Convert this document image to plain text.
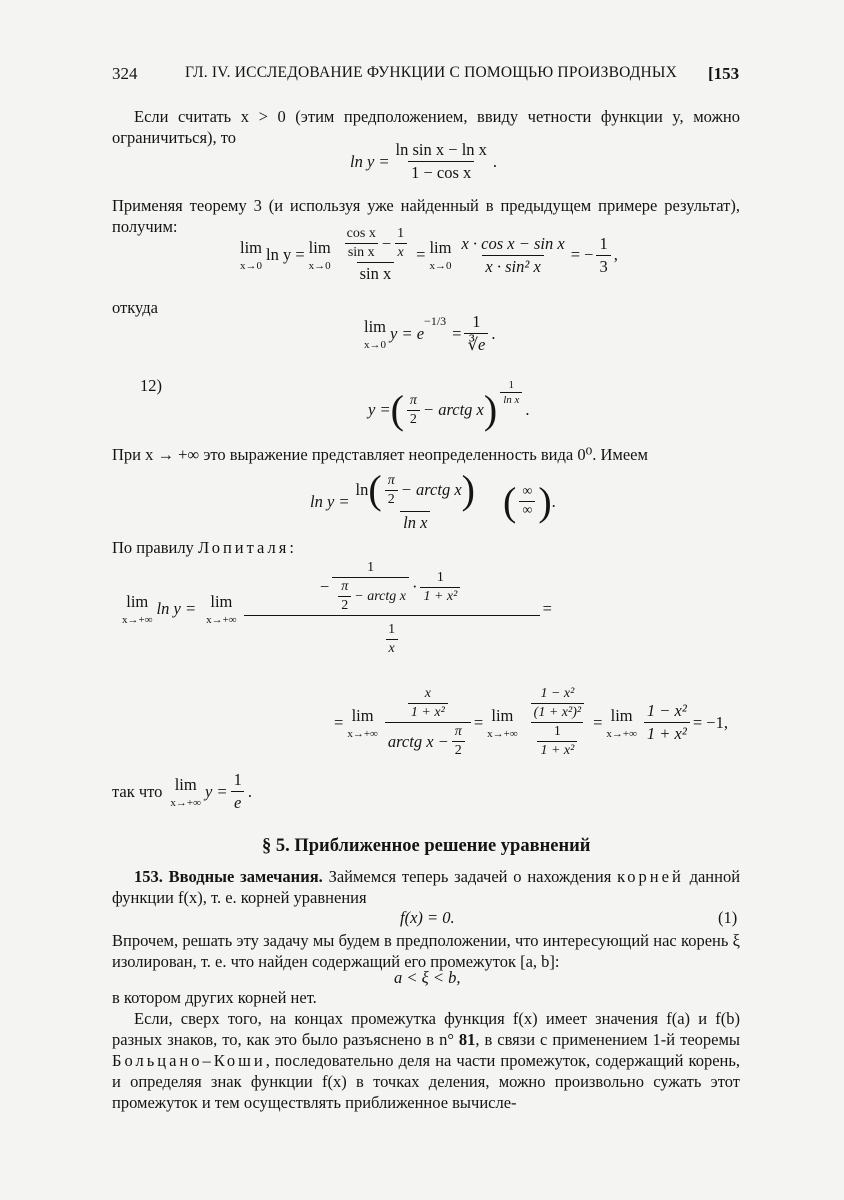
324	ГЛ. IV. ИССЛЕДОВАНИЕ ФУНКЦИИ С ПОМОЩЬЮ ПРОИЗВОДНЫХ [153
Если считать x > 0 (этим предположением, ввиду четности функции y, можно ограничиться), то
$\ln y = \frac{\text{ln sin x − ln x}}{\text{1 − cos x}}$ .
Применяя теорему 3 (и используя уже найденный в предыдущем примере результат), получим:
lim
x→0
ln y = lim
$x\to 0 \frac{\frac{\text{cos x}}{\text{sin x}} - \frac{1}{x}}{\text{sin x}} = \lim$
$x\to 0 \frac{\text{x · cos x − sin x}}{\text{x · sin² x}}$ = − $\frac{1}{3}$ ,
откуда
lim
x→0
y = e
$^{-1/3}$
= $\frac{1}{∛e}$ .
12)
y = ( $\frac{\pi}{2}$ − arctg x ) $\frac{1}{\text{ln x}}$
.
При x → +∞ это выражение представляет неопределенность вида 0⁰. Имеем
$\ln y = \frac{\ln ( \frac{\pi}{2} - arctg x )}{\text{ln x}}$ ( $\frac{\infty}{\infty}$ ) .
По правилу Лопиталя:
lim
x→+∞
ln y = lim
x→+∞
− $\frac{1}{\frac{\pi}{2} - arctg x} \cdot \frac{1}{\text{1 + x²}}$
$\frac{1}{x}$
=
= lim
$x\to+\infty \frac{\frac{x}{\text{1 + x²}}}{arctg x - \frac{\pi}{2}} = \lim$
$x\to+\infty \frac{\frac{\text{1 − x²}}{\text{(1 + x²)²}}}{\frac{1}{\text{1 + x²}}} = \lim$
$x\to+\infty \frac{\text{1 − x²}}{\text{1 + x²}} = -1$,
так что lim
x→+∞
$y = \frac{1}{e}$ .
§ 5. Приближенное решение уравнений
153. Вводные замечания. Займемся теперь задачей о нахождения корней данной функции f(x), т. е. корней уравнения
f(x) = 0.	(1)
Впрочем, решать эту задачу мы будем в предположении, что интересующий нас корень ξ изолирован, т. е. что найден содержащий его промежуток [a, b]:
a < ξ < b,
в котором других корней нет.
Если, сверх того, на концах промежутка функция f(x) имеет значения f(a) и f(b) разных знаков, то, как это было разъяснено в n° 81, в связи с применением 1-й теоремы Больцано–Коши, последовательно деля на части промежуток, содержащий корень, и определяя знак функции f(x) в точках деления, можно произвольно сужать этот промежуток и тем осуществлять приближенное вычисле-
